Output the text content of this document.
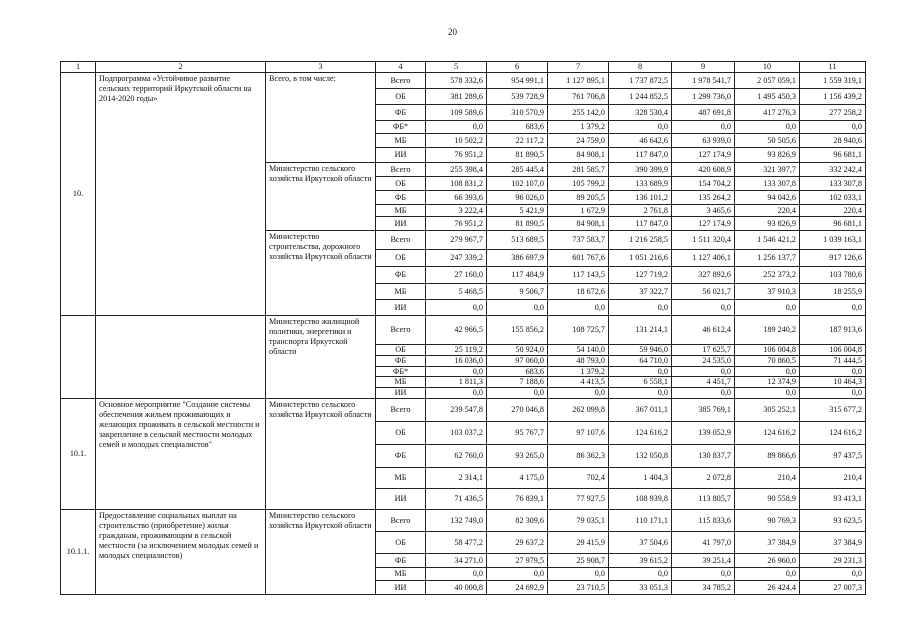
20
1	2	3	4	5	6	7	8	9	10	11
10.	Подпрограмма «Устойчивое развитие сельских территорий Иркутской области на 2014-2020 годы»	Всего, в том числе:	Всего	578 332,6	954 991,1	1 127 895,1	1 737 872,5	1 978 541,7	2 057 059,1	1 559 319,1
			ОБ	381 289,6	539 728,9	761 706,8	1 244 852,5	1 299 736,0	1 495 450,3	1 156 439,2
			ФБ	109 589,6	310 570,9	255 142,0	328 530,4	487 691,8	417 276,3	277 258,2
			ФБ*	0,0	683,6	1 379,2	0,0	0,0	0,0	0,0
			МБ	10 502,2	22 117,2	24 759,0	46 642,6	63 939,0	50 505,6	28 940,6
			ИИ	76 951,2	81 890,5	84 908,1	117 847,0	127 174,9	93 826,9	96 681,1
		Министерство сельского хозяйства Иркутской области	Всего	255 398,4	285 445,4	281 585,7	390 399,9	420 608,9	321 397,7	332 242,4
			ОБ	108 831,2	102 107,0	105 799,2	133 689,9	154 704,2	133 307,8	133 307,8
			ФБ	66 393,6	96 026,0	89 205,5	136 101,2	135 264,2	94 042,6	102 033,1
			МБ	3 222,4	5 421,9	1 672,9	2 761,8	3 465,6	220,4	220,4
			ИИ	76 951,2	81 890,5	84 908,1	117 847,0	127 174,9	93 826,9	96 681,1
		Министерство строительства, дорожного хозяйства Иркутской области	Всего	279 967,7	513 689,5	737 583,7	1 216 258,5	1 511 320,4	1 546 421,2	1 039 163,1
			ОБ	247 339,2	386 697,9	601 767,6	1 051 216,6	1 127 406,1	1 256 137,7	917 126,6
			ФБ	27 160,0	117 484,9	117 143,5	127 719,2	327 892,6	252 373,2	103 780,6
			МБ	5 468,5	9 506,7	18 672,6	37 322,7	56 021,7	37 910,3	18 255,9
			ИИ	0,0	0,0	0,0	0,0	0,0	0,0	0,0
		Министерство жилищной политики, энергетики и транспорта Иркутской области	Всего	42 966,5	155 856,2	108 725,7	131 214,1	46 612,4	189 240,2	187 913,6
			ОБ	25 119,2	50 924,0	54 140,0	59 946,0	17 625,7	106 004,8	106 004,8
			ФБ	16 036,0	97 060,0	48 793,0	64 710,0	24 535,0	70 860,5	71 444,5
			ФБ*	0,0	683,6	1 379,2	0,0	0,0	0,0	0,0
			МБ	1 811,3	7 188,6	4 413,5	6 558,1	4 451,7	12 374,9	10 464,3
			ИИ	0,0	0,0	0,0	0,0	0,0	0,0	0,0
10.1.	Основное мероприятие "Создание системы обеспечения жильем проживающих и желающих проживать в сельской местности и закрепление в сельской местности молодых семей и молодых специалистов"	Министерство сельского хозяйства Иркутской области	Всего	239 547,8	270 046,8	262 099,8	367 011,1	385 769,1	305 252,1	315 677,2
			ОБ	103 037,2	95 767,7	97 107,6	124 616,2	139 052,9	124 616,2	124 616,2
			ФБ	62 760,0	93 265,0	86 362,3	132 050,8	130 837,7	89 866,6	97 437,5
			МБ	2 314,1	4 175,0	702,4	1 404,3	2 072,8	210,4	210,4
			ИИ	71 436,5	76 839,1	77 927,5	108 939,8	113 805,7	90 558,9	93 413,1
10.1.1.	Предоставление социальных выплат на строительство (приобретение) жилья гражданам, проживающим в сельской местности (за исключением молодых семей и молодых специалистов)	Министерство сельского хозяйства Иркутской области	Всего	132 749,0	82 309,6	79 035,1	110 171,1	115 833,6	90 769,3	93 623,5
			ОБ	58 477,2	29 637,2	29 415,9	37 504,6	41 797,0	37 384,9	37 384,9
			ФБ	34 271,0	27 979,5	25 908,7	39 615,2	39 251,4	26 960,0	29 231,3
			МБ	0,0	0,0	0,0	0,0	0,0	0,0	0,0
			ИИ	40 000,8	24 692,9	23 710,5	33 051,3	34 785,2	26 424,4	27 007,3
